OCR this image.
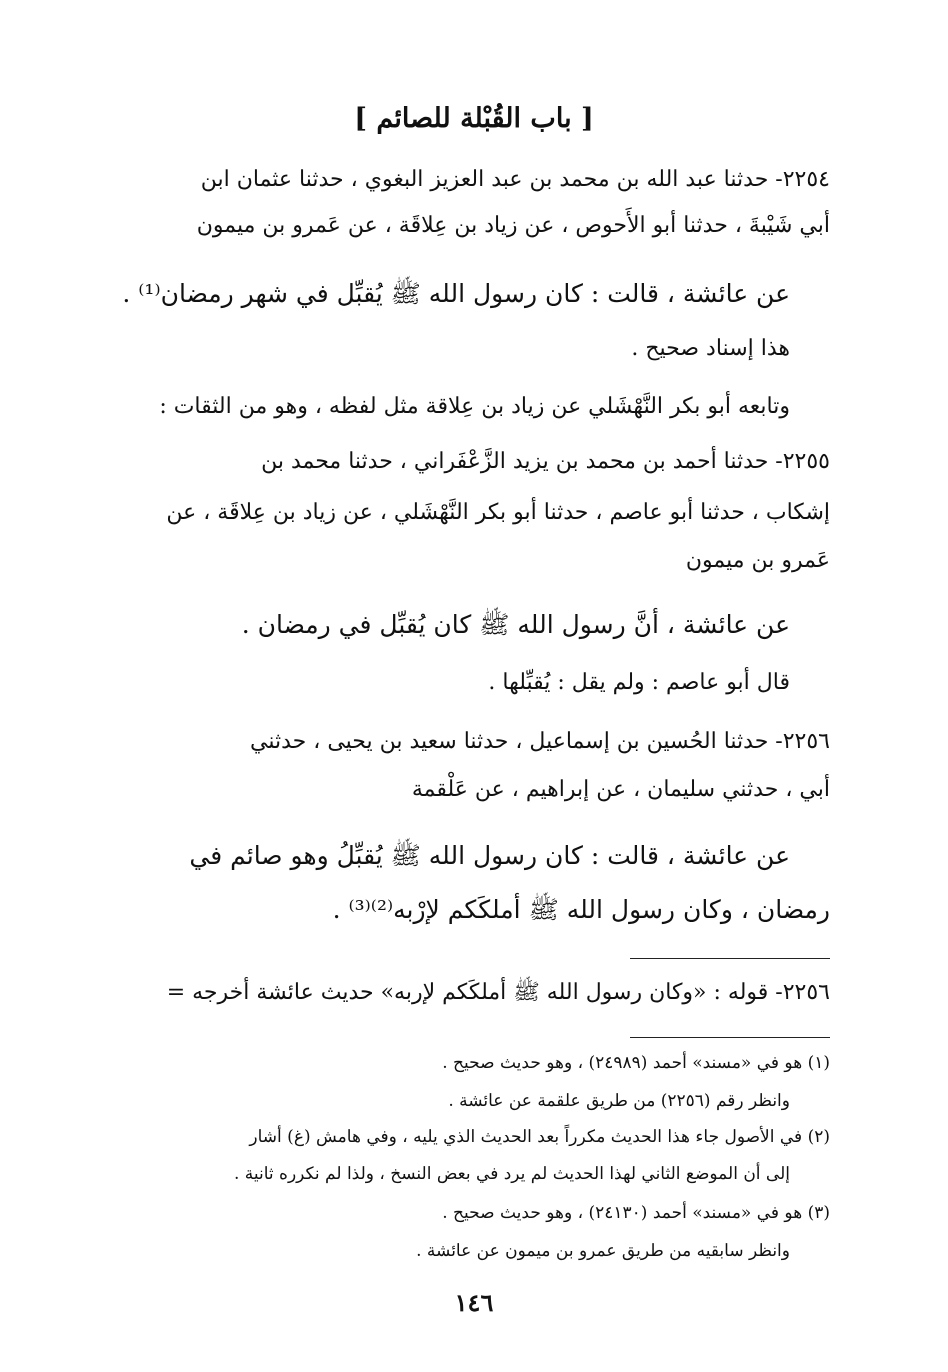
[ باب القُبْلة للصائم ]
٢٢٥٤- حدثنا عبد الله بن محمد بن عبد العزيز البغوي ، حدثنا عثمان ابن
أبي شَيْبةَ ، حدثنا أبو الأَحوص ، عن زياد بن عِلاقَة ، عن عَمرو بن ميمون
عن عائشة ، قالت : كان رسول الله ﷺ يُقبِّل في شهر رمضان⁽¹⁾ .
هذا إسناد صحيح .
وتابعه أبو بكر النَّهْشَلي عن زياد بن عِلاقة مثل لفظه ، وهو من الثقات :
٢٢٥٥- حدثنا أحمد بن محمد بن يزيد الزَّعْفَراني ، حدثنا محمد بن
إشكاب ، حدثنا أبو عاصم ، حدثنا أبو بكر النَّهْشَلي ، عن زياد بن عِلاقَة ، عن
عَمرو بن ميمون
عن عائشة ، أنَّ رسول الله ﷺ كان يُقبِّل في رمضان .
قال أبو عاصم : ولم يقل : يُقبِّلها .
٢٢٥٦- حدثنا الحُسين بن إسماعيل ، حدثنا سعيد بن يحيى ، حدثني
أبي ، حدثني سليمان ، عن إبراهيم ، عن عَلْقمة
عن عائشة ، قالت : كان رسول الله ﷺ يُقبِّلُ وهو صائم في
رمضان ، وكان رسول الله ﷺ أملكَكم لإرْبه⁽²⁾⁽³⁾ .
٢٢٥٦- قوله : «وكان رسول الله ﷺ أملكَكم لإربه» حديث عائشة أخرجه =
(١) هو في «مسند» أحمد (٢٤٩٨٩) ، وهو حديث صحيح .
وانظر رقم (٢٢٥٦) من طريق علقمة عن عائشة .
(٢) في الأصول جاء هذا الحديث مكرراً بعد الحديث الذي يليه ، وفي هامش (غ) أشار
إلى أن الموضع الثاني لهذا الحديث لم يرد في بعض النسخ ، ولذا لم نكرره ثانية .
(٣) هو في «مسند» أحمد (٢٤١٣٠) ، وهو حديث صحيح .
وانظر سابقيه من طريق عمرو بن ميمون عن عائشة .
١٤٦
